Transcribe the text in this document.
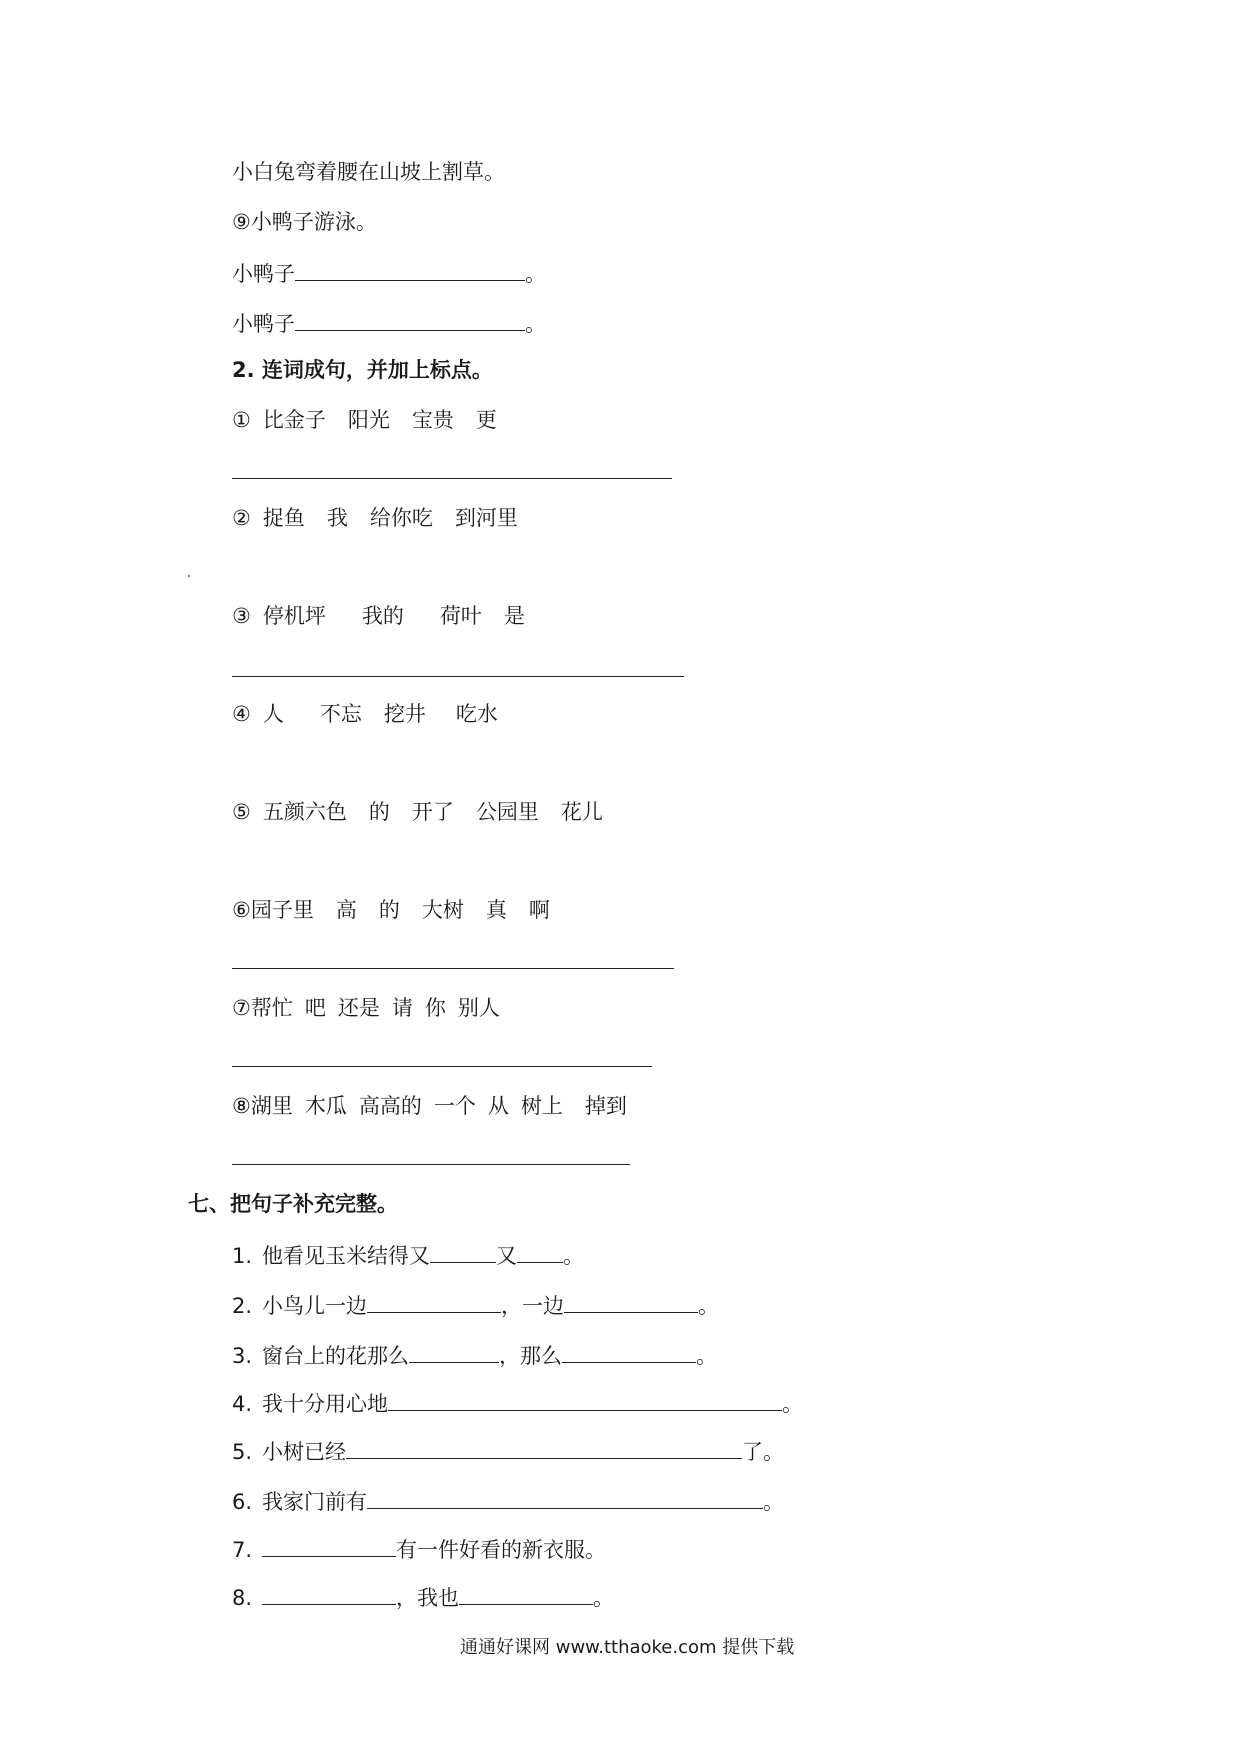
小白兔弯着腰在山坡上割草。
⑨小鸭子游泳。
小鸭子	。
小鸭子	。
2. 连词成句，并加上标点。
① 比金子 阳光 宝贵 更
② 捉鱼 我 给你吃 到河里
③ 停机坪 我的 荷叶 是
④ 人 不忘 挖井 吃水
⑤ 五颜六色 的 开了 公园里 花儿
⑥园子里 高 的 大树 真 啊
⑦帮忙 吧 还是 请 你 别人
⑧湖里 木瓜 高高的 一个 从 树上 掉到
七、把句子补充完整。
1. 他看见玉米结得又	又 。
2. 小鸟儿一边	，一边	。
3. 窗台上的花那么	，那么	。
4. 我十分用心地	。
5. 小树已经	了。
6. 我家门前有	。
7.	有一件好看的新衣服。
8.	，我也	。
通通好课网 www.tthaoke.com 提供下载
